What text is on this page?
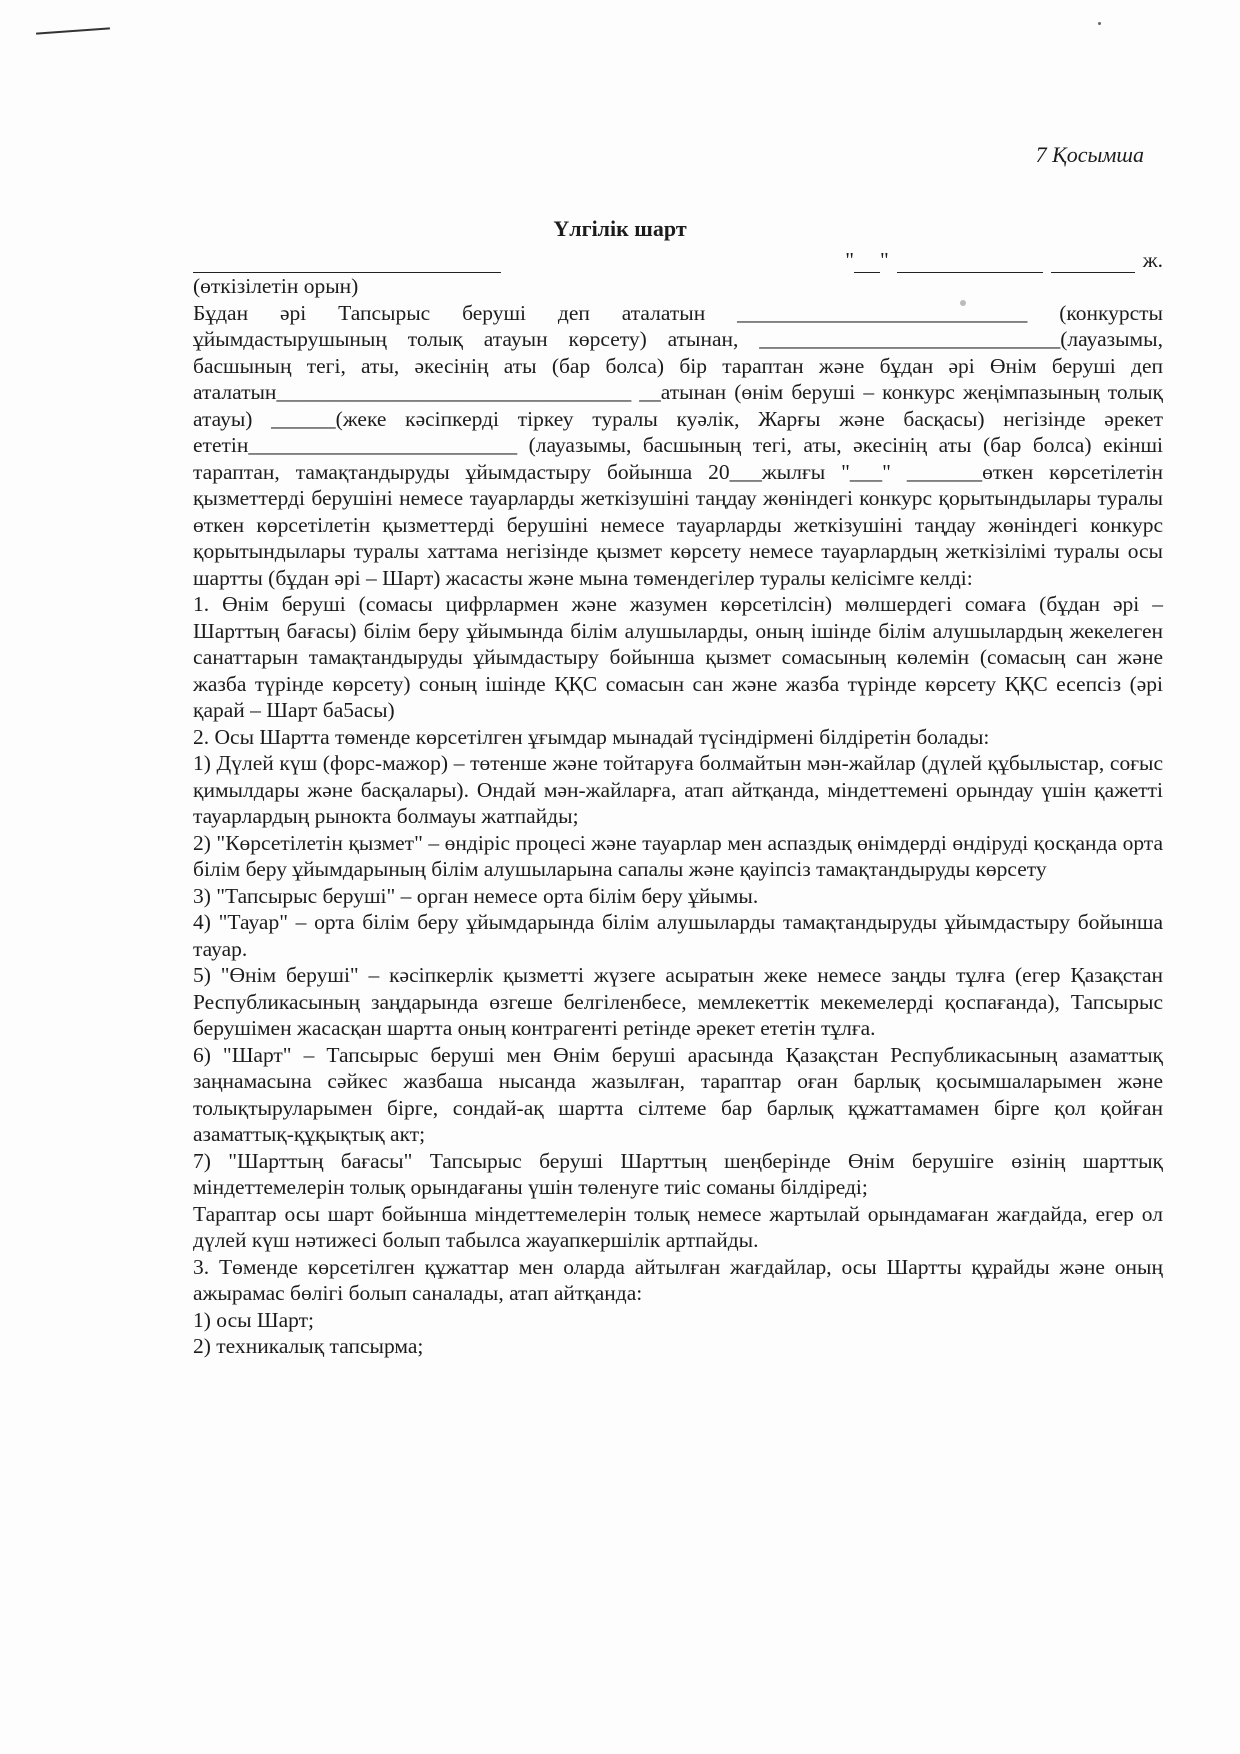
7 Қосымша
Үлгілік шарт
" "	ж.

(өткізілетін орын)

Бұдан әрі Тапсырыс беруші деп аталатын ___________________________ (конкурсты ұйымдастырушының толық атауын көрсету) атынан, ____________________________(лауазымы, басшының тегі, аты, әкесінің аты (бар болса) бір тараптан және бұдан әрі Өнім беруші деп аталатын_________________________________ __атынан (өнім беруші – конкурс жеңімпазының толық атауы) ______(жеке кәсіпкерді тіркеу туралы куәлік, Жарғы және басқасы) негізінде әрекет ететін_________________________ (лауазымы, басшының тегі, аты, әкесінің аты (бар болса) екінші тараптан, тамақтандыруды ұйымдастыру бойынша 20___жылғы "___" _______өткен көрсетілетін қызметтерді берушіні немесе тауарларды жеткізушіні таңдау жөніндегі конкурс қорытындылары туралы өткен көрсетілетін қызметтерді берушіні немесе тауарларды жеткізушіні таңдау жөніндегі конкурс қорытындылары туралы хаттама негізінде қызмет көрсету немесе тауарлардың жеткізілімі туралы осы шартты (бұдан әрі – Шарт) жасасты және мына төмендегілер туралы келісімге келді:

1. Өнім беруші (сомасы цифрлармен және жазумен көрсетілсін) мөлшердегі сомаға (бұдан әрі – Шарттың бағасы) білім беру ұйымында білім алушыларды, оның ішінде білім алушылардың жекелеген санаттарын тамақтандыруды ұйымдастыру бойынша қызмет сомасының көлемін (сомасың сан және жазба түрінде көрсету) соның ішінде ҚҚС сомасын сан және жазба түрінде көрсету ҚҚС есепсіз (әрі қарай – Шарт ба5асы)

2. Осы Шартта төменде көрсетілген ұғымдар мынадай түсіндірмені білдіретін болады:

1) Дүлей күш (форс-мажор) – төтенше және тойтаруға болмайтын мән-жайлар (дүлей құбылыстар, соғыс қимылдары және басқалары). Ондай мән-жайларға, атап айтқанда, міндеттемені орындау үшін қажетті тауарлардың рынокта болмауы жатпайды;

2) "Көрсетілетін қызмет" – өндіріс процесі және тауарлар мен аспаздық өнімдерді өндіруді қосқанда орта білім беру ұйымдарының білім алушыларына сапалы және қауіпсіз тамақтандыруды көрсету

3) "Тапсырыс беруші" – орган немесе орта білім беру ұйымы.

4) "Тауар" – орта білім беру ұйымдарында білім алушыларды тамақтандыруды ұйымдастыру бойынша тауар.

5) "Өнім беруші" – кәсіпкерлік қызметті жүзеге асыратын жеке немесе заңды тұлға (егер Қазақстан Республикасының заңдарында өзгеше белгіленбесе, мемлекеттік мекемелерді қоспағанда), Тапсырыс берушімен жасасқан шартта оның контрагенті ретінде әрекет ететін тұлға.

6) "Шарт" – Тапсырыс беруші мен Өнім беруші арасында Қазақстан Республикасының азаматтық заңнамасына сәйкес жазбаша нысанда жазылған, тараптар оған барлық қосымшаларымен және толықтыруларымен бірге, сондай-ақ шартта сілтеме бар барлық құжаттамамен бірге қол қойған азаматтық-құқықтық акт;

7) "Шарттың бағасы" Тапсырыс беруші Шарттың шеңберінде Өнім берушіге өзінің шарттық міндеттемелерін толық орындағаны үшін төленуге тиіс соманы білдіреді;

Тараптар осы шарт бойынша міндеттемелерін толық немесе жартылай орындамаған жағдайда, егер ол дүлей күш нәтижесі болып табылса жауапкершілік артпайды.

3. Төменде көрсетілген құжаттар мен оларда айтылған жағдайлар, осы Шартты құрайды және оның ажырамас бөлігі болып саналады, атап айтқанда:

1) осы Шарт;

2) техникалық тапсырма;
